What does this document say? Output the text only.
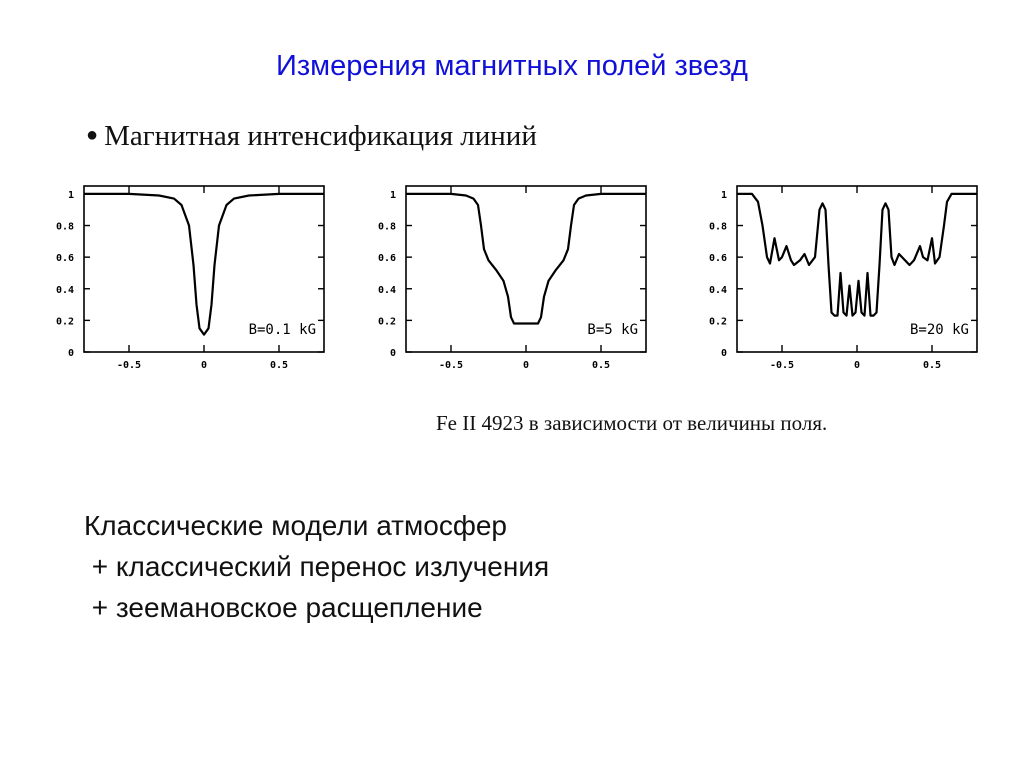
Измерения магнитных полей звезд
● Магнитная интенсификация линий
-0.5	0	0.5
0
0.2
0.4
0.6
0.8
1
B=0.1 kG
-0.5	0	0.5
0
0.2
0.4
0.6
0.8
1
B=5 kG
-0.5	0	0.5
0
0.2
0.4
0.6
0.8
1
B=20 kG
Fe II 4923 в зависимости от величины поля.
Классические модели атмосфер
+ классический перенос излучения
+ зеемановское расщепление
